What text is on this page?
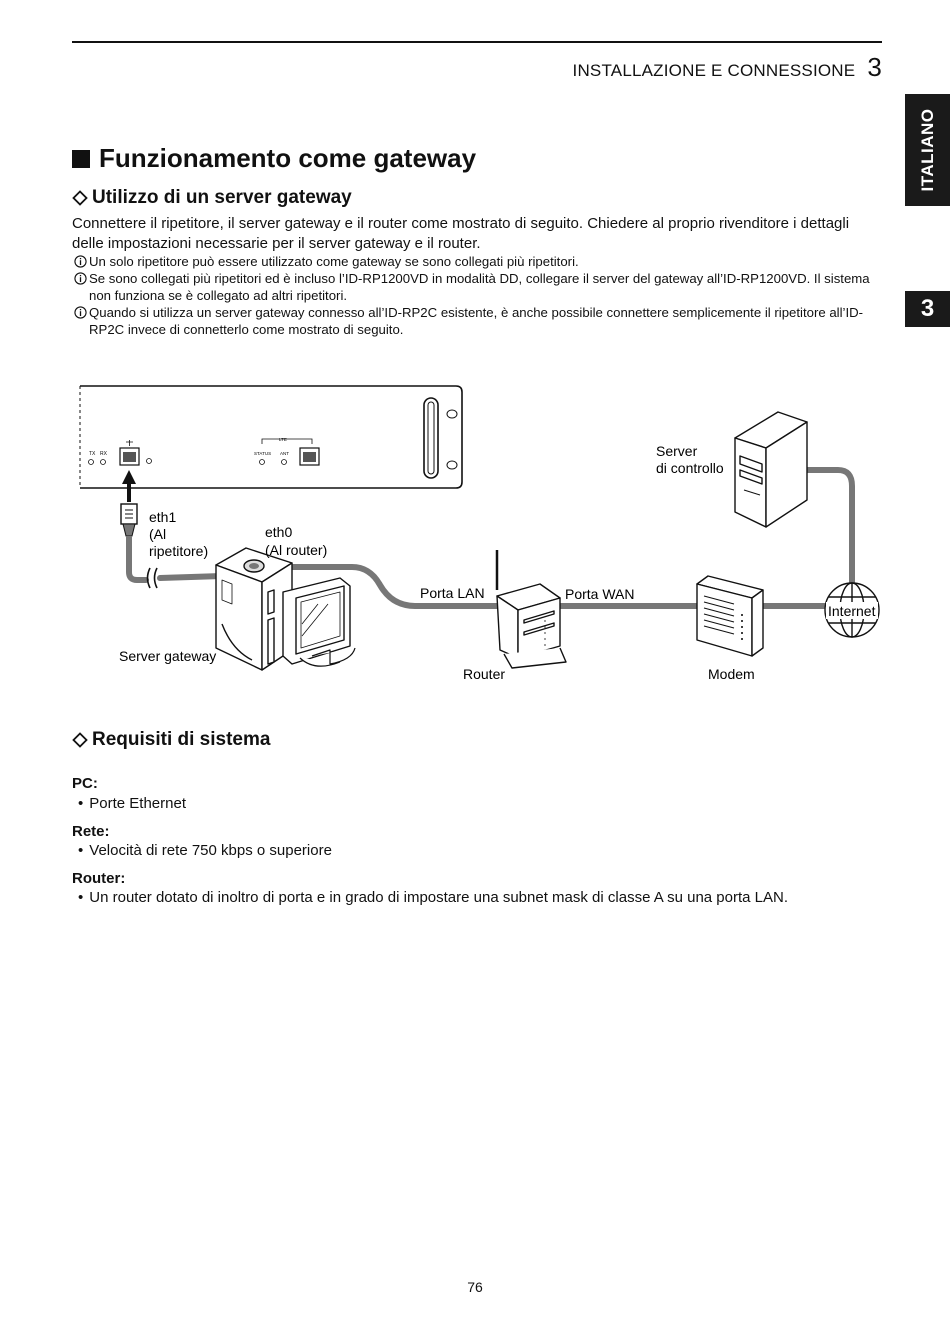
INSTALLAZIONE E CONNESSIONE 3
ITALIANO
3
Funzionamento come gateway
Utilizzo di un server gateway
Connettere il ripetitore, il server gateway e il router come mostrato di seguito. Chiedere al proprio rivenditore i dettagli delle impostazioni necessarie per il server gateway e il router.
Un solo ripetitore può essere utilizzato come gateway se sono collegati più ripetitori.
Se sono collegati più ripetitori ed è incluso l’ID-RP1200VD in modalità DD, collegare il server del gateway all’ID-RP1200VD. Il sistema non funziona se è collegato ad altri ripetitori.
Quando si utilizza un server gateway connesso all’ID-RP2C esistente, è anche possibile connettere semplicemente il ripetitore all’ID-RP2C invece di connetterlo come mostrato di seguito.
TX RX
LTE
STATUS ANT	Server
di controllo
eth1
(Al
ripetitore)
eth0
(Al router)
Porta LAN	Porta WAN
Internet
Server gateway
Router	Modem
Requisiti di sistema
PC:
• Porte Ethernet
Rete:
• Velocità di rete 750 kbps o superiore
Router:
• Un router dotato di inoltro di porta e in grado di impostare una subnet mask di classe A su una porta LAN.
76
